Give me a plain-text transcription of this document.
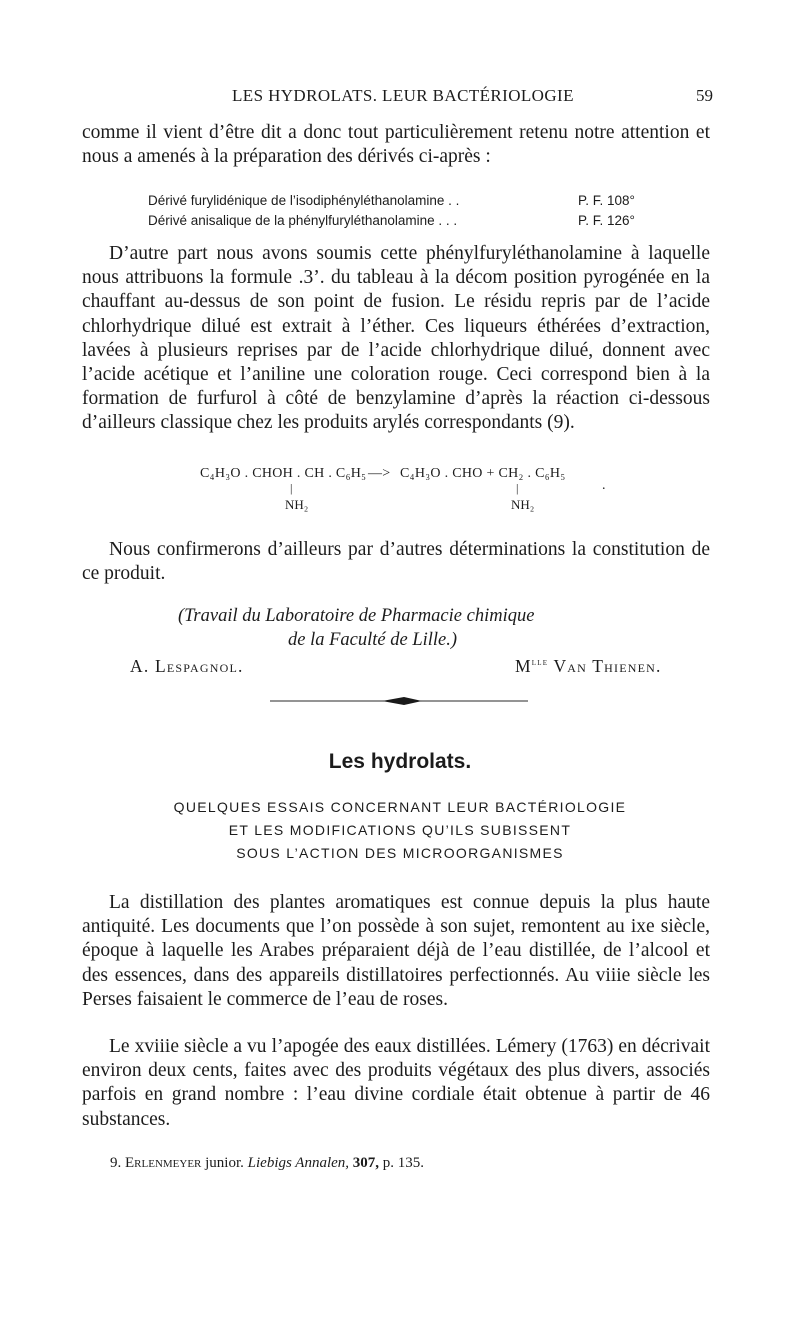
LES HYDROLATS. LEUR BACTÉRIOLOGIE	59

comme il vient d’être dit a donc tout particulièrement retenu notre attention et nous a amenés à la préparation des dérivés ci-après :

Dérivé furylidénique de l’isodiphényléthanolamine . .	P. F. 108°
Dérivé anisalique de la phénylfuryléthanolamine . . .	P. F. 126°

D’autre part nous avons soumis cette phénylfuryléthanolamine à laquelle nous attribuons la formule .3’. du tableau à la décom position pyrogénée en la chauffant au-dessus de son point de fusion. Le résidu repris par de l’acide chlorhydrique dilué est extrait à l’éther. Ces liqueurs éthérées d’extraction, lavées à plusieurs reprises par de l’acide chlorhydrique dilué, donnent avec l’acide acétique et l’aniline une coloration rouge. Ceci correspond bien à la formation de furfurol à côté de benzylamine d’après la réaction ci-dessous d’ailleurs classique chez les produits arylés correspondants (9).

C₄H₃O . CHOH . CH . C₆H₅ —> C₄H₃O . CHO + CH₂ . C₆H₅
.
|	|
NH₂	NH₂

Nous confirmerons d’ailleurs par d’autres déterminations la constitution de ce produit.

(Travail du Laboratoire de Pharmacie chimique
de la Faculté de Lille.)
A. Lespagnol.	$M^{lle}$ Van Thienen.
Les hydrolats.
QUELQUES ESSAIS CONCERNANT LEUR BACTÉRIOLOGIE
ET LES MODIFICATIONS QU’ILS SUBISSENT
SOUS L’ACTION DES MICROORGANISMES

La distillation des plantes aromatiques est connue depuis la plus haute antiquité. Les documents que l’on possède à son sujet, remontent au ixe siècle, époque à laquelle les Arabes préparaient déjà de l’eau distillée, de l’alcool et des essences, dans des appareils distillatoires perfectionnés. Au viiie siècle les Perses faisaient le commerce de l’eau de roses.

Le xviiie siècle a vu l’apogée des eaux distillées. Lémery (1763) en décrivait environ deux cents, faites avec des produits végétaux des plus divers, associés parfois en grand nombre : l’eau divine cordiale était obtenue à partir de 46 substances.

9. Erlenmeyer junior. Liebigs Annalen, 307, p. 135.
